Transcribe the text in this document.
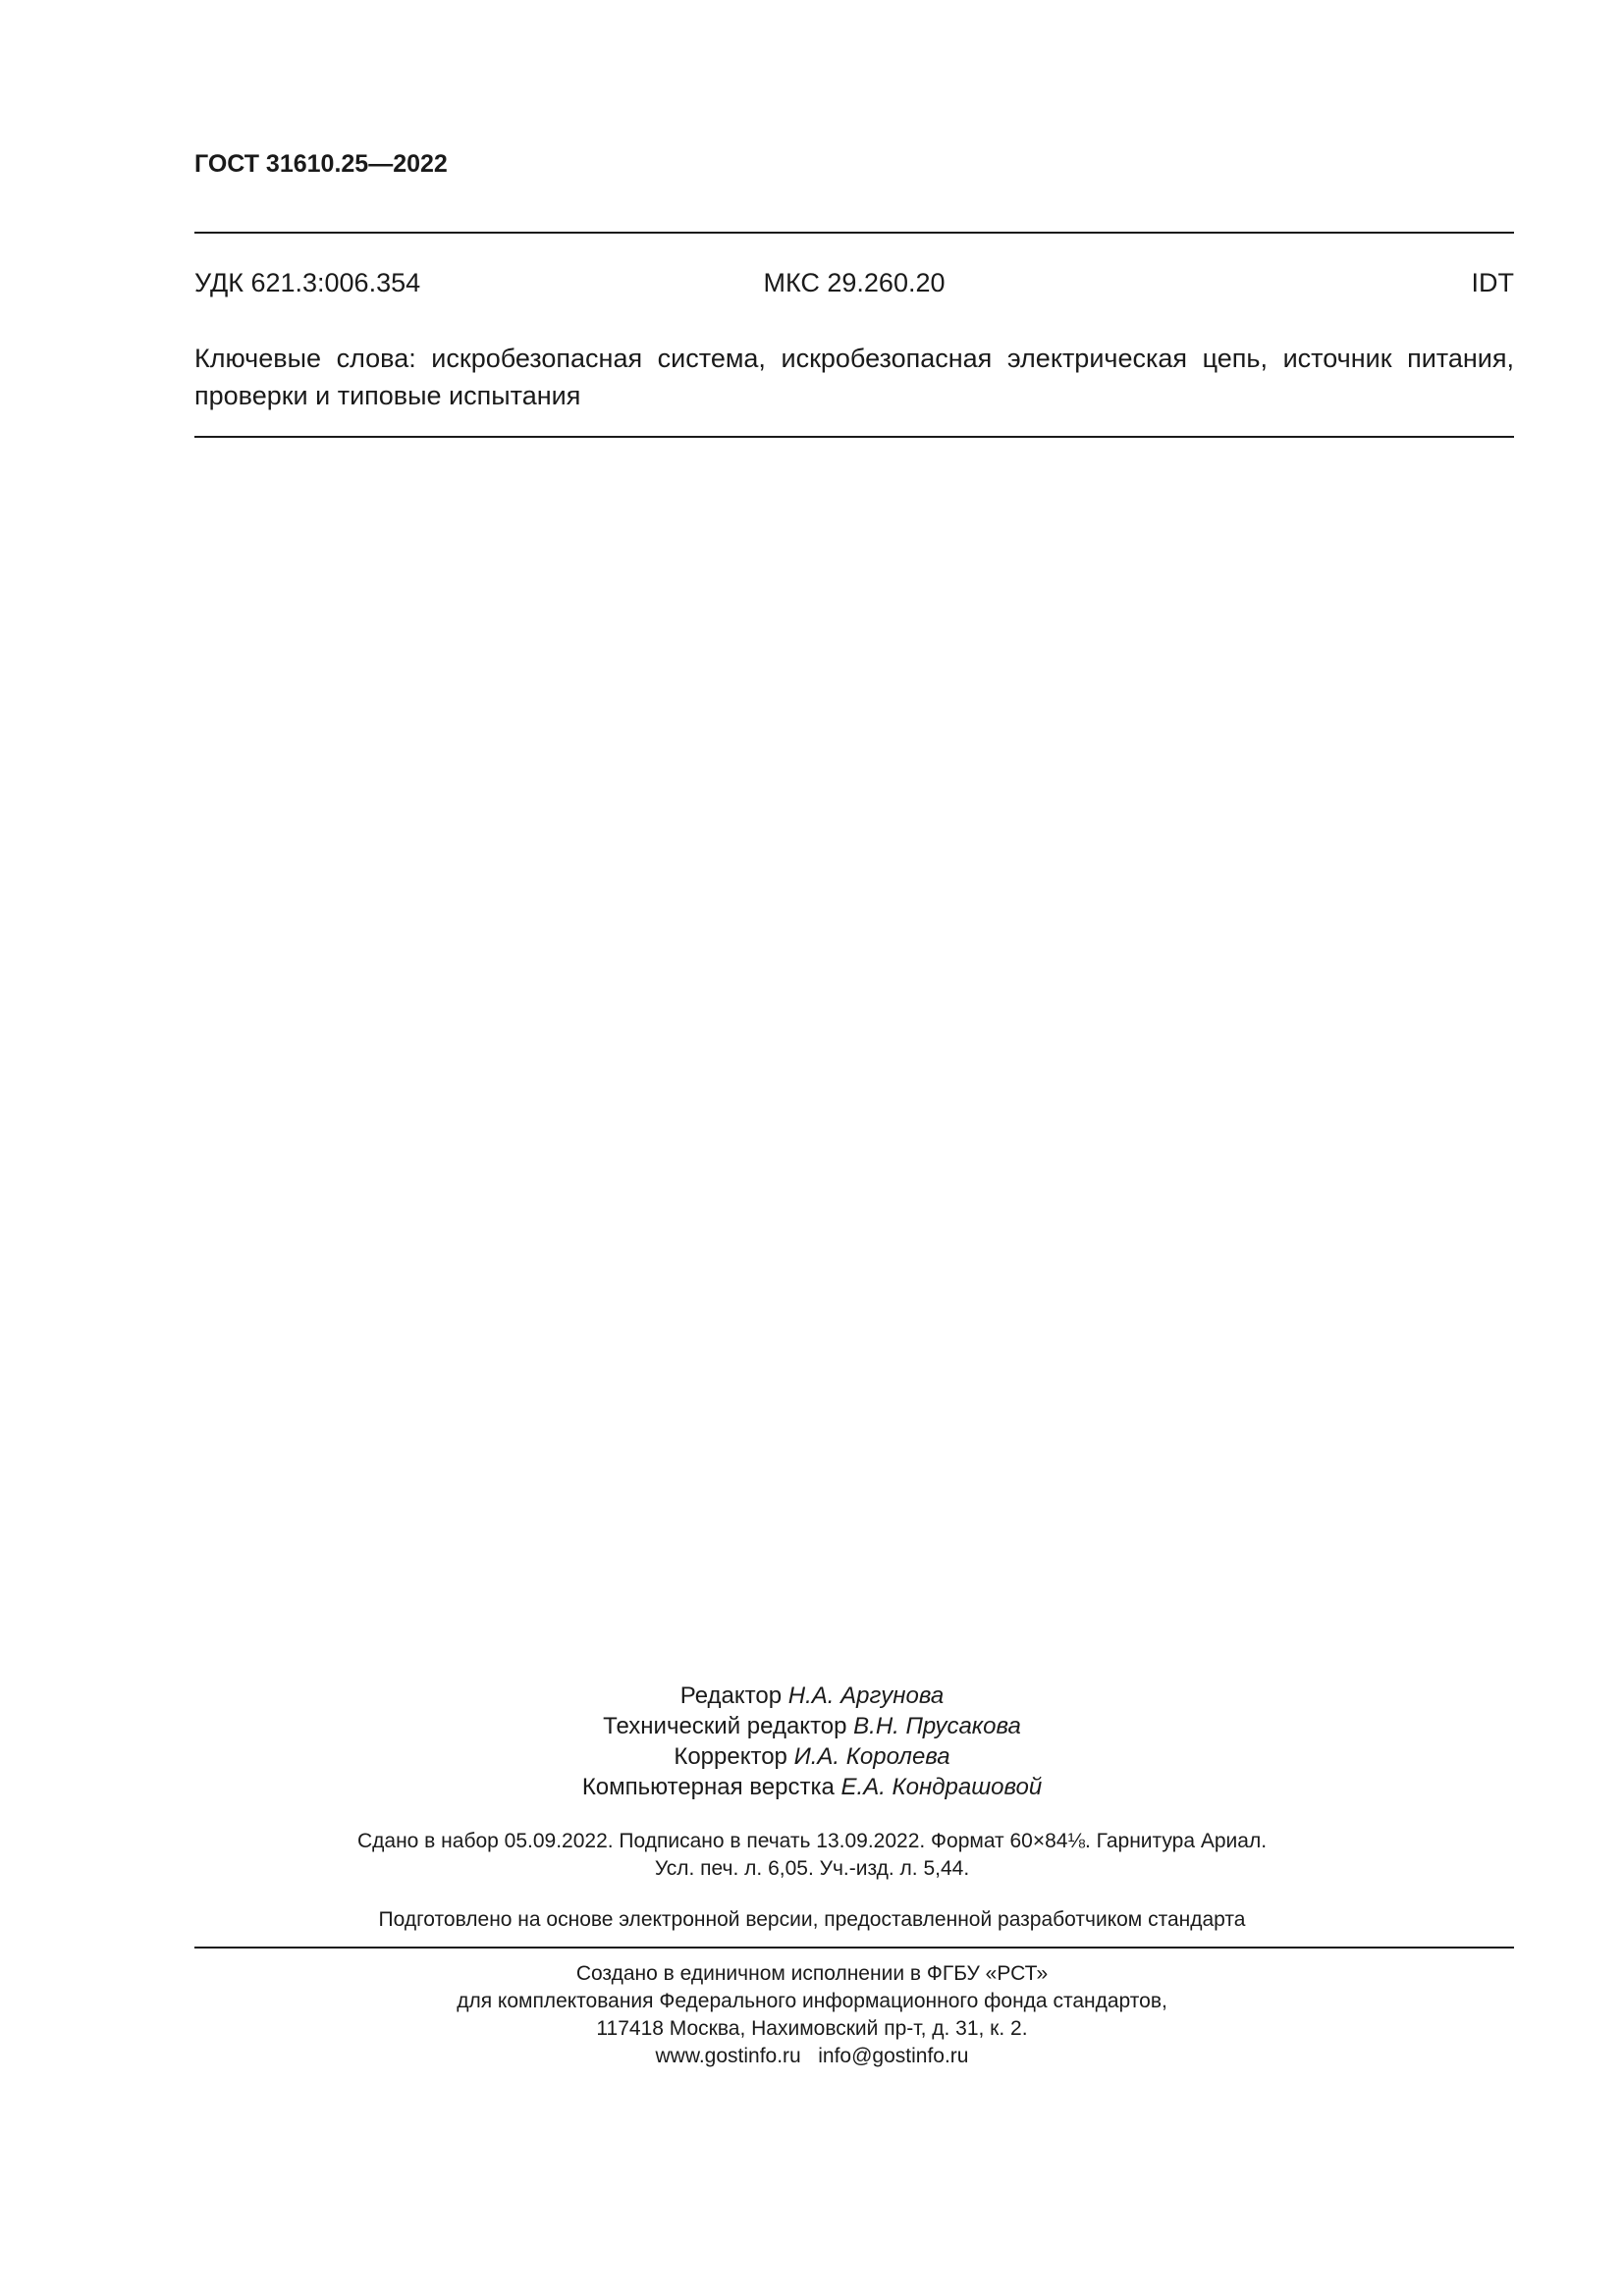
ГОСТ 31610.25—2022
УДК 621.3:006.354	МКС 29.260.20	IDT
Ключевые слова: искробезопасная система, искробезопасная электрическая цепь, источник питания, проверки и типовые испытания
Редактор Н.А. Аргунова
Технический редактор В.Н. Прусакова
Корректор И.А. Королева
Компьютерная верстка Е.А. Кондрашовой
Сдано в набор 05.09.2022. Подписано в печать 13.09.2022. Формат 60×84⅛. Гарнитура Ариал.
Усл. печ. л. 6,05. Уч.-изд. л. 5,44.
Подготовлено на основе электронной версии, предоставленной разработчиком стандарта
Создано в единичном исполнении в ФГБУ «РСТ»
для комплектования Федерального информационного фонда стандартов,
117418 Москва, Нахимовский пр-т, д. 31, к. 2.
www.gostinfo.ru info@gostinfo.ru
